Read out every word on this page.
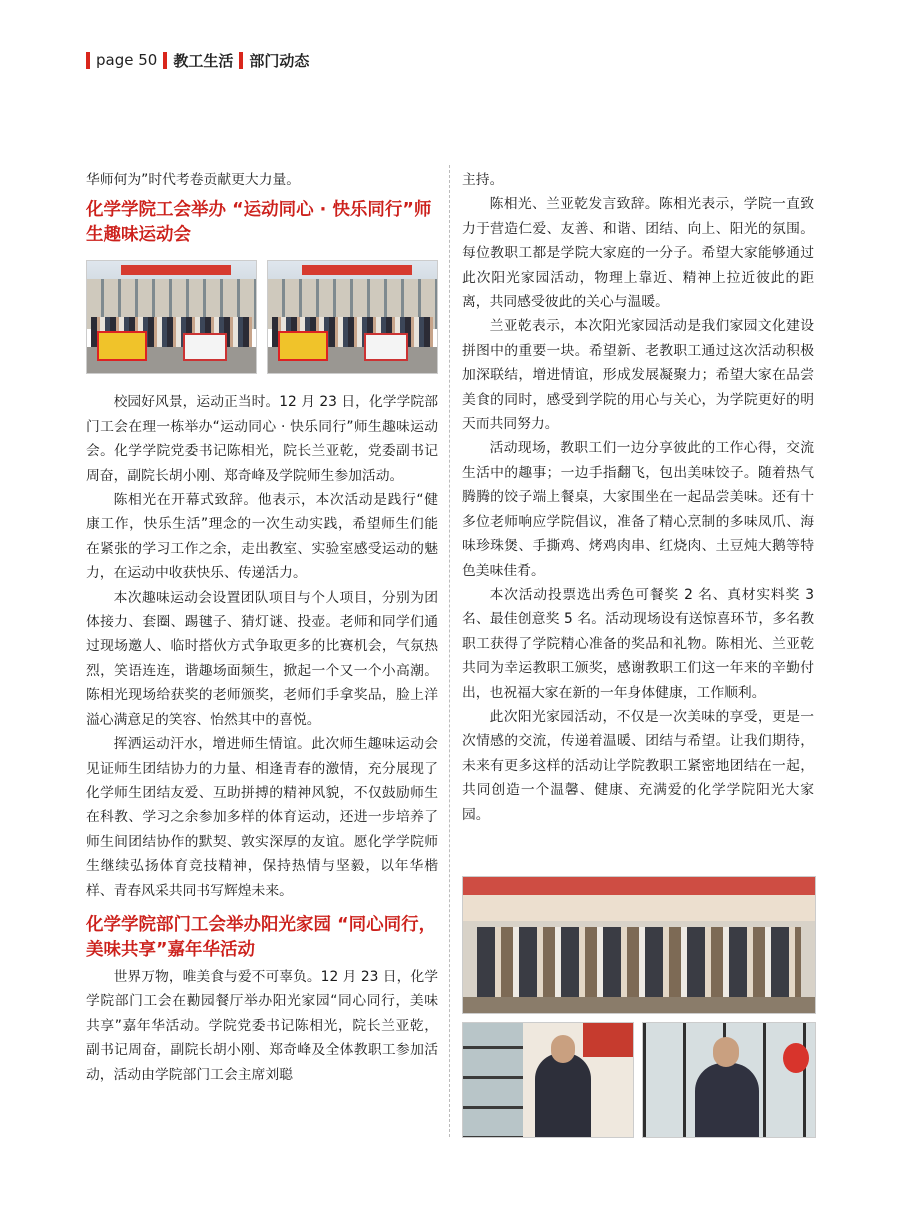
page 50 教工生活 部门动态

华师何为”时代考卷贡献更大力量。

化学学院工会举办 “运动同心 · 快乐同行”师生趣味运动会

校园好风景，运动正当时。12 月 23 日，化学学院部门工会在理一栋举办“运动同心 · 快乐同行”师生趣味运动会。化学学院党委书记陈相光，院长兰亚乾，党委副书记周奋，副院长胡小刚、郑奇峰及学院师生参加活动。

陈相光在开幕式致辞。他表示，本次活动是践行“健康工作，快乐生活”理念的一次生动实践，希望师生们能在紧张的学习工作之余，走出教室、实验室感受运动的魅力，在运动中收获快乐、传递活力。

本次趣味运动会设置团队项目与个人项目，分别为团体接力、套圈、踢毽子、猜灯谜、投壶。老师和同学们通过现场邀人、临时搭伙方式争取更多的比赛机会，气氛热烈，笑语连连，谐趣场面频生，掀起一个又一个小高潮。陈相光现场给获奖的老师颁奖，老师们手拿奖品，脸上洋溢心满意足的笑容、怡然其中的喜悦。

挥洒运动汗水，增进师生情谊。此次师生趣味运动会见证师生团结协力的力量、相逢青春的激情，充分展现了化学师生团结友爱、互助拼搏的精神风貌，不仅鼓励师生在科教、学习之余参加多样的体育运动，还进一步培养了师生间团结协作的默契、敦实深厚的友谊。愿化学学院师生继续弘扬体育竞技精神，保持热情与坚毅，以年华楷样、青春风采共同书写辉煌未来。

化学学院部门工会举办阳光家园 “同心同行，美味共享”嘉年华活动

世界万物，唯美食与爱不可辜负。12 月 23 日，化学学院部门工会在勷园餐厅举办阳光家园“同心同行，美味共享”嘉年华活动。学院党委书记陈相光，院长兰亚乾，副书记周奋，副院长胡小刚、郑奇峰及全体教职工参加活动，活动由学院部门工会主席刘聪

主持。

陈相光、兰亚乾发言致辞。陈相光表示，学院一直致力于营造仁爱、友善、和谐、团结、向上、阳光的氛围。每位教职工都是学院大家庭的一分子。希望大家能够通过此次阳光家园活动，物理上靠近、精神上拉近彼此的距离，共同感受彼此的关心与温暖。

兰亚乾表示，本次阳光家园活动是我们家园文化建设拼图中的重要一块。希望新、老教职工通过这次活动积极加深联结，增进情谊，形成发展凝聚力；希望大家在品尝美食的同时，感受到学院的用心与关心，为学院更好的明天而共同努力。

活动现场，教职工们一边分享彼此的工作心得，交流生活中的趣事；一边手指翻飞，包出美味饺子。随着热气腾腾的饺子端上餐桌，大家围坐在一起品尝美味。还有十多位老师响应学院倡议，准备了精心烹制的多味凤爪、海味珍珠煲、手撕鸡、烤鸡肉串、红烧肉、土豆炖大鹅等特色美味佳肴。

本次活动投票选出秀色可餐奖 2 名、真材实料奖 3 名、最佳创意奖 5 名。活动现场设有送惊喜环节，多名教职工获得了学院精心准备的奖品和礼物。陈相光、兰亚乾共同为幸运教职工颁奖，感谢教职工们这一年来的辛勤付出，也祝福大家在新的一年身体健康，工作顺利。

此次阳光家园活动，不仅是一次美味的享受，更是一次情感的交流，传递着温暖、团结与希望。让我们期待，未来有更多这样的活动让学院教职工紧密地团结在一起，共同创造一个温馨、健康、充满爱的化学学院阳光大家园。
